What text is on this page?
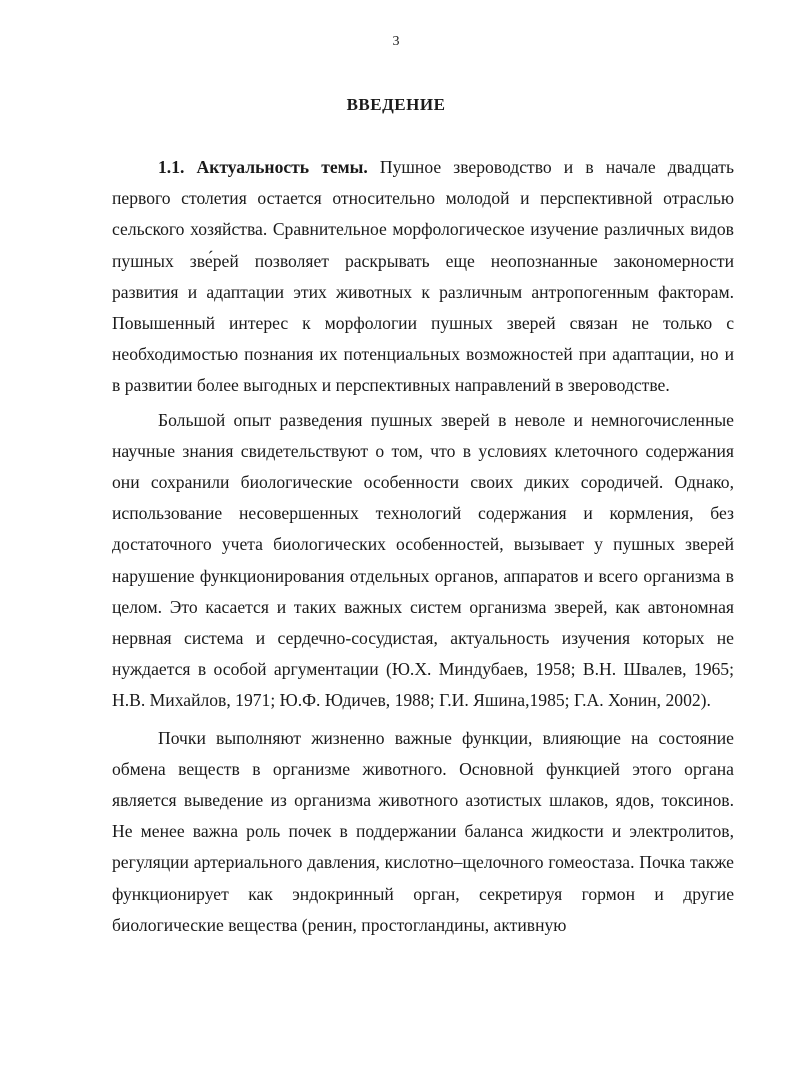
3
ВВЕДЕНИЕ

1.1. Актуальность темы. Пушное звероводство и в начале двадцать первого столетия остается относительно молодой и перспективной отраслью сельского хозяйства. Сравнительное морфологическое изучение различных видов пушных зве́рей позволяет раскрывать еще неопознанные закономерности развития и адаптации этих животных к различным антропогенным факторам. Повышенный интерес к морфологии пушных зверей связан не только с необходимостью познания их потенциальных возможностей при адаптации, но и в развитии более выгодных и перспективных направлений в звероводстве.

Большой опыт разведения пушных зверей в неволе и немногочисленные научные знания свидетельствуют о том, что в условиях клеточного содержания они сохранили биологические особенности своих диких сородичей. Однако, использование несовершенных технологий содержания и кормления, без достаточного учета биологических особенностей, вызывает у пушных зверей нарушение функционирования отдельных органов, аппаратов и всего организма в целом. Это касается и таких важных систем организма зверей, как автономная нервная система и сердечно-сосудистая, актуальность изучения которых не нуждается в особой аргументации (Ю.Х. Миндубаев, 1958; В.Н. Швалев, 1965; Н.В. Михайлов, 1971; Ю.Ф. Юдичев, 1988; Г.И. Яшина,1985; Г.А. Хонин, 2002).

Почки выполняют жизненно важные функции, влияющие на состояние обмена веществ в организме животного. Основной функцией этого органа является выведение из организма животного азотистых шлаков, ядов, токсинов. Не менее важна роль почек в поддержании баланса жидкости и электролитов, регуляции артериального давления, кислотно–щелочного гомеостаза. Почка также функционирует как эндокринный орган, секретируя гормон и другие биологические вещества (ренин, простогландины, активную
